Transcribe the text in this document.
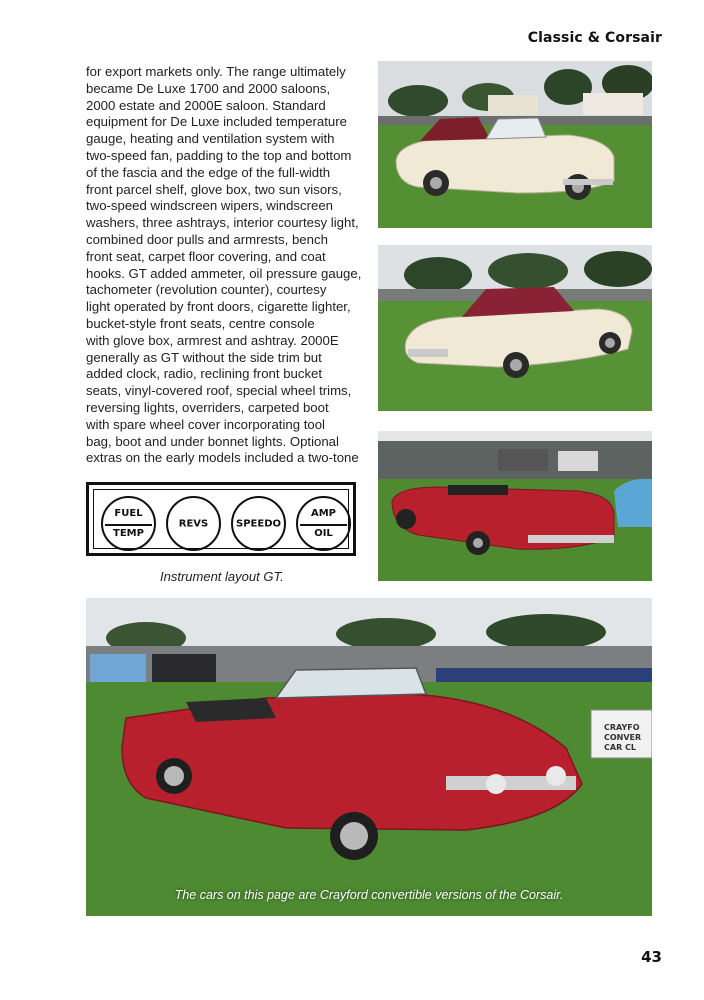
Classic & Corsair

for export markets only. The range ultimately

became De Luxe 1700 and 2000 saloons,

2000 estate and 2000E saloon. Standard

equipment for De Luxe included temperature

gauge, heating and ventilation system with

two-speed fan, padding to the top and bottom

of the fascia and the edge of the full-width

front parcel shelf, glove box, two sun visors,

two-speed windscreen wipers, windscreen

washers, three ashtrays, interior courtesy light,

combined door pulls and armrests, bench

front seat, carpet floor covering, and coat

hooks. GT added ammeter, oil pressure gauge,

tachometer (revolution counter), courtesy

light operated by front doors, cigarette lighter,

bucket-style front seats, centre console

with glove box, armrest and ashtray. 2000E

generally as GT without the side trim but

added clock, radio, reclining front bucket

seats, vinyl-covered roof, special wheel trims,

reversing lights, overriders, carpeted boot

with spare wheel cover incorporating tool

bag, boot and under bonnet lights. Optional

extras on the early models included a two-tone

FUEL
TEMP
REVS	SPEEDO
AMP
OIL
Instrument layout GT.
CRAYFO
CONVER
CAR CL
The cars on this page are Crayford convertible versions of the Corsair.
43
